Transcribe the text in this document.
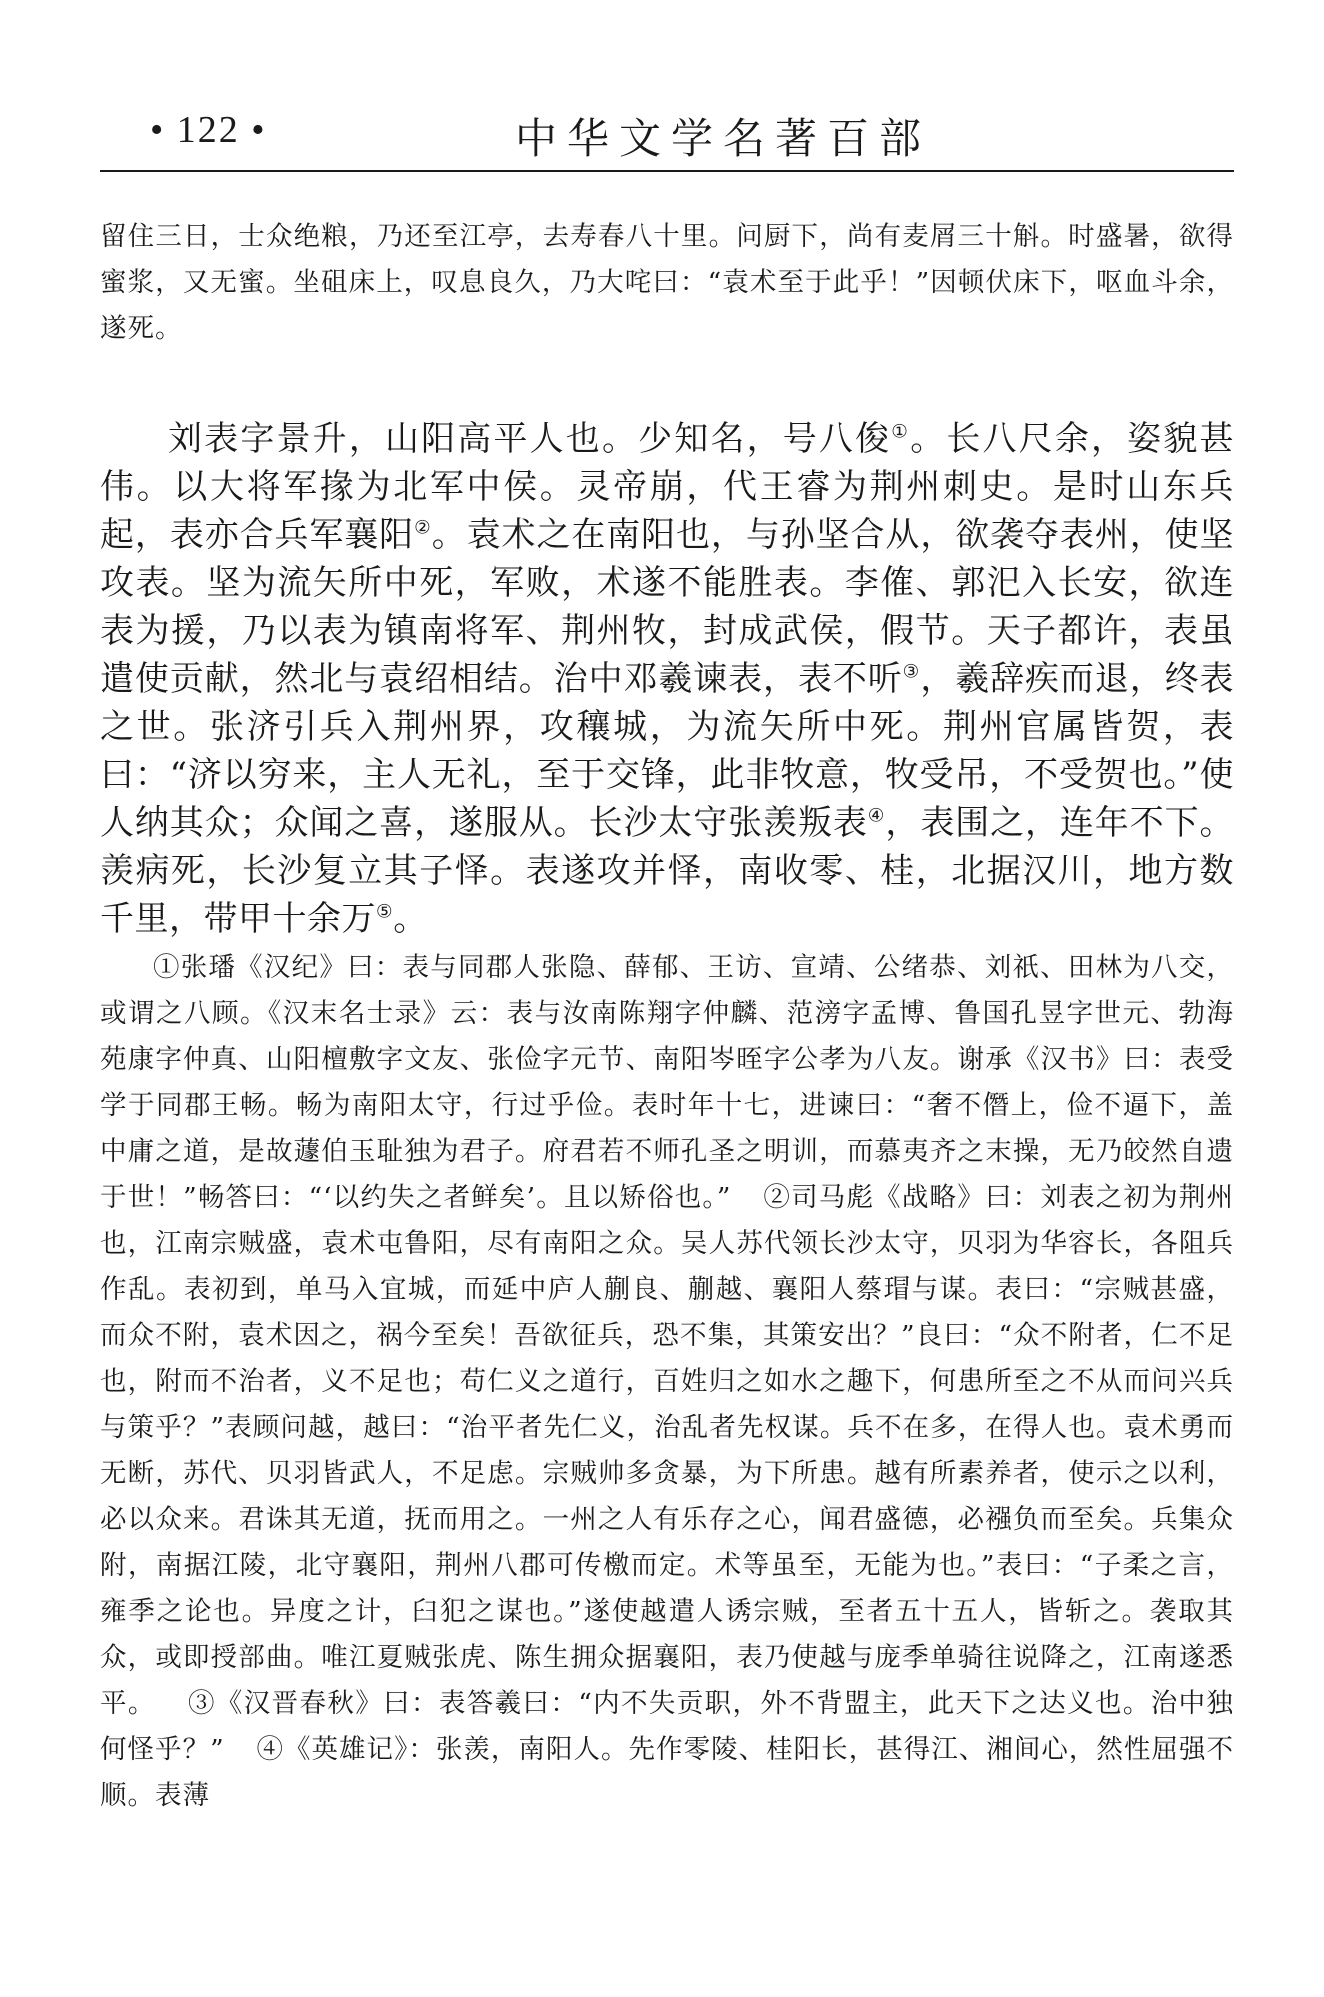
• 122 •	中华文学名著百部

留住三日，士众绝粮，乃还至江亭，去寿春八十里。问厨下，尚有麦屑三十斛。时盛暑，欲得蜜浆，又无蜜。坐砠床上，叹息良久，乃大咤曰：“袁术至于此乎！”因顿伏床下，呕血斗余，遂死。

刘表字景升，山阳高平人也。少知名，号八俊①。长八尺余，姿貌甚伟。以大将军掾为北军中侯。灵帝崩，代王睿为荆州刺史。是时山东兵起，表亦合兵军襄阳②。袁术之在南阳也，与孙坚合从，欲袭夺表州，使坚攻表。坚为流矢所中死，军败，术遂不能胜表。李傕、郭汜入长安，欲连表为援，乃以表为镇南将军、荆州牧，封成武侯，假节。天子都许，表虽遣使贡献，然北与袁绍相结。治中邓羲谏表，表不听③，羲辞疾而退，终表之世。张济引兵入荆州界，攻穰城，为流矢所中死。荆州官属皆贺，表曰：“济以穷来，主人无礼，至于交锋，此非牧意，牧受吊，不受贺也。”使人纳其众；众闻之喜，遂服从。长沙太守张羡叛表④，表围之，连年不下。羡病死，长沙复立其子怿。表遂攻并怿，南收零、桂，北据汉川，地方数千里，带甲十余万⑤。

①张璠《汉纪》曰：表与同郡人张隐、薛郁、王访、宣靖、公绪恭、刘祇、田林为八交，或谓之八顾。《汉末名士录》云：表与汝南陈翔字仲麟、范滂字孟博、鲁国孔昱字世元、勃海苑康字仲真、山阳檀敷字文友、张俭字元节、南阳岑晊字公孝为八友。谢承《汉书》曰：表受学于同郡王畅。畅为南阳太守，行过乎俭。表时年十七，进谏曰：“奢不僭上，俭不逼下，盖中庸之道，是故蘧伯玉耻独为君子。府君若不师孔圣之明训，而慕夷齐之末操，无乃皎然自遗于世！”畅答曰：“‘以约失之者鲜矣’。且以矫俗也。” ②司马彪《战略》曰：刘表之初为荆州也，江南宗贼盛，袁术屯鲁阳，尽有南阳之众。吴人苏代领长沙太守，贝羽为华容长，各阻兵作乱。表初到，单马入宜城，而延中庐人蒯良、蒯越、襄阳人蔡瑁与谋。表曰：“宗贼甚盛，而众不附，袁术因之，祸今至矣！吾欲征兵，恐不集，其策安出？”良曰：“众不附者，仁不足也，附而不治者，义不足也；苟仁义之道行，百姓归之如水之趣下，何患所至之不从而问兴兵与策乎？”表顾问越，越曰：“治平者先仁义，治乱者先权谋。兵不在多，在得人也。袁术勇而无断，苏代、贝羽皆武人，不足虑。宗贼帅多贪暴，为下所患。越有所素养者，使示之以利，必以众来。君诛其无道，抚而用之。一州之人有乐存之心，闻君盛德，必襁负而至矣。兵集众附，南据江陵，北守襄阳，荆州八郡可传檄而定。术等虽至，无能为也。”表曰：“子柔之言，雍季之论也。异度之计，臼犯之谋也。”遂使越遣人诱宗贼，至者五十五人，皆斩之。袭取其众，或即授部曲。唯江夏贼张虎、陈生拥众据襄阳，表乃使越与庞季单骑往说降之，江南遂悉平。 ③《汉晋春秋》曰：表答羲曰：“内不失贡职，外不背盟主，此天下之达义也。治中独何怪乎？” ④《英雄记》：张羡，南阳人。先作零陵、桂阳长，甚得江、湘间心，然性屈强不顺。表薄
